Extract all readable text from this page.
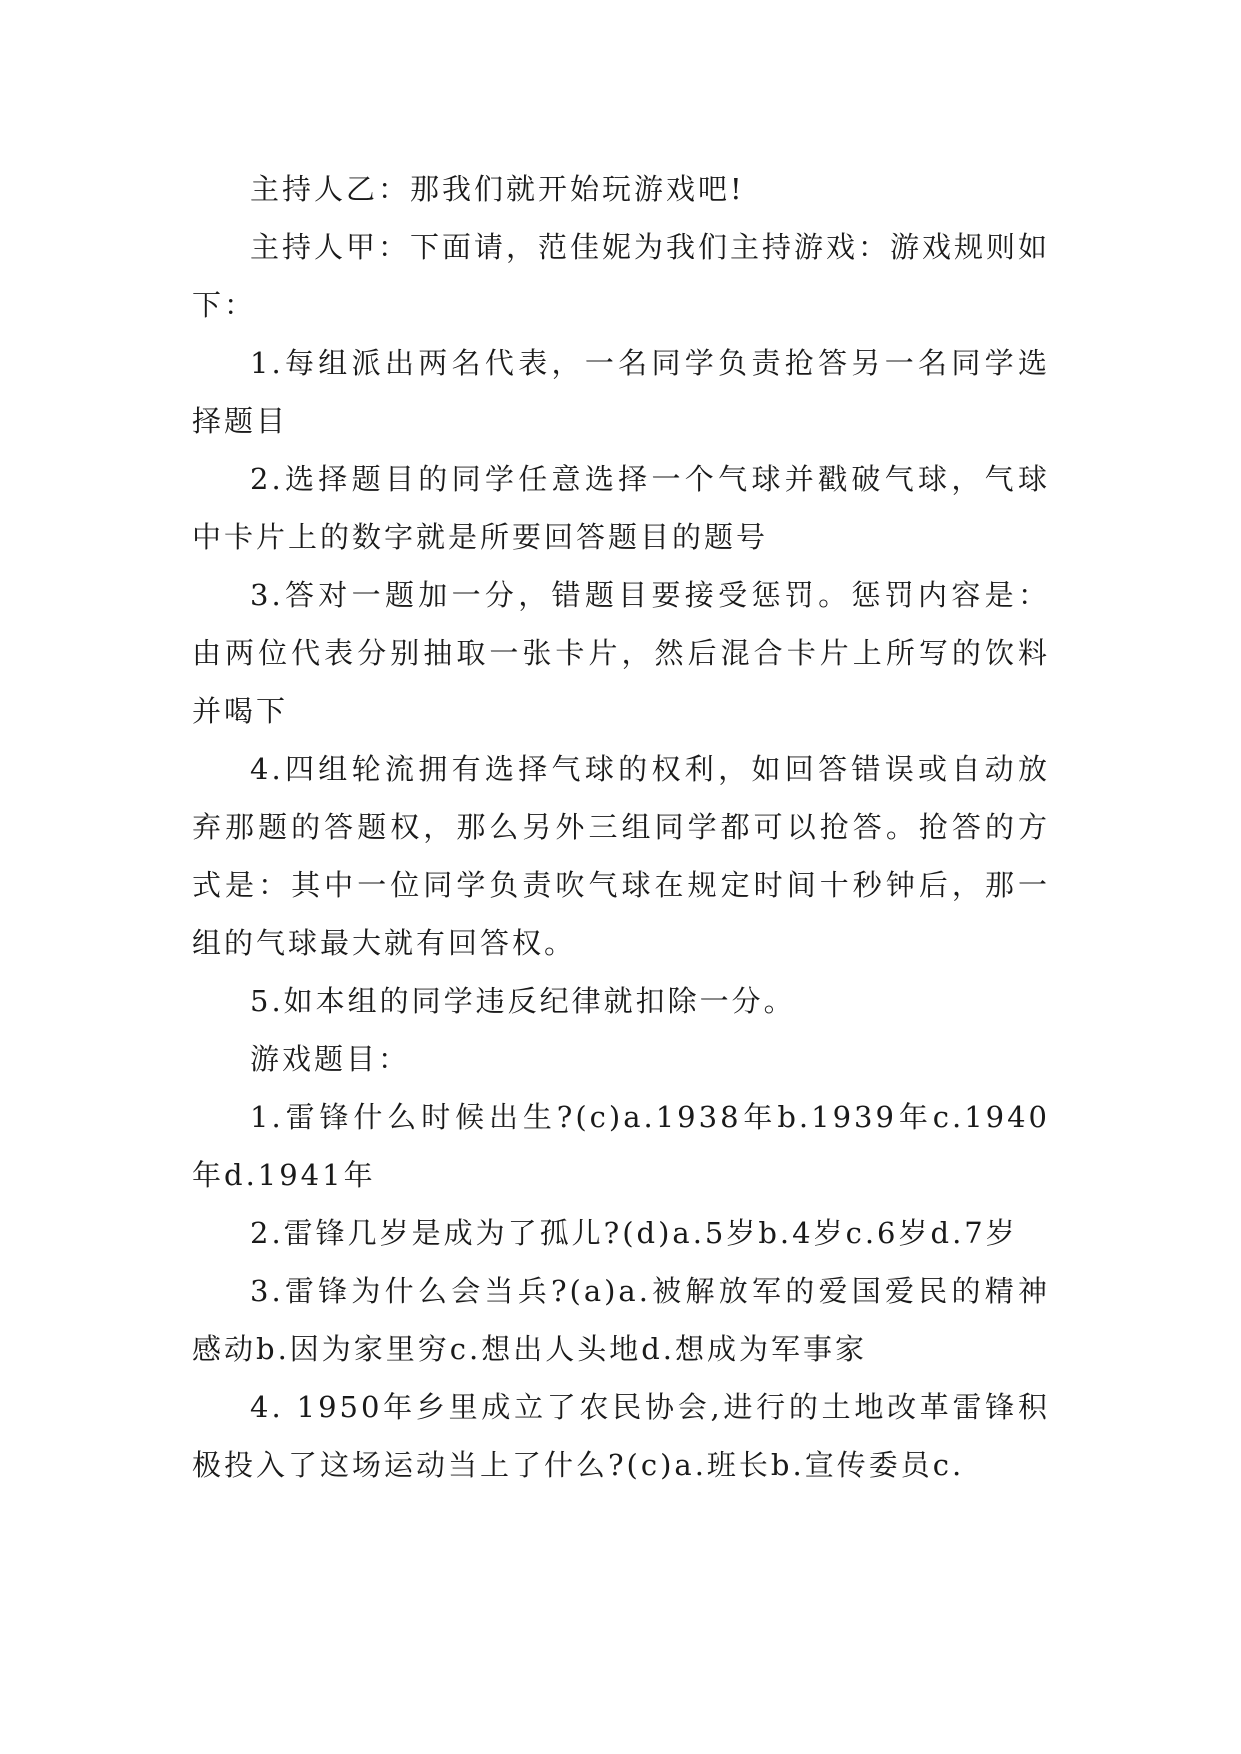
主持人乙：那我们就开始玩游戏吧!

主持人甲：下面请，范佳妮为我们主持游戏：游戏规则如下：

1.每组派出两名代表，一名同学负责抢答另一名同学选择题目

2.选择题目的同学任意选择一个气球并戳破气球，气球中卡片上的数字就是所要回答题目的题号

3.答对一题加一分，错题目要接受惩罚。惩罚内容是：由两位代表分别抽取一张卡片，然后混合卡片上所写的饮料并喝下

4.四组轮流拥有选择气球的权利，如回答错误或自动放弃那题的答题权，那么另外三组同学都可以抢答。抢答的方式是：其中一位同学负责吹气球在规定时间十秒钟后，那一组的气球最大就有回答权。

5.如本组的同学违反纪律就扣除一分。

游戏题目：

1.雷锋什么时候出生?(c)a.1938年b.1939年c.1940年d.1941年

2.雷锋几岁是成为了孤儿?(d)a.5岁b.4岁c.6岁d.7岁

3.雷锋为什么会当兵?(a)a.被解放军的爱国爱民的精神感动b.因为家里穷c.想出人头地d.想成为军事家

4. 1950年乡里成立了农民协会,进行的土地改革雷锋积极投入了这场运动当上了什么?(c)a.班长b.宣传委员c.
